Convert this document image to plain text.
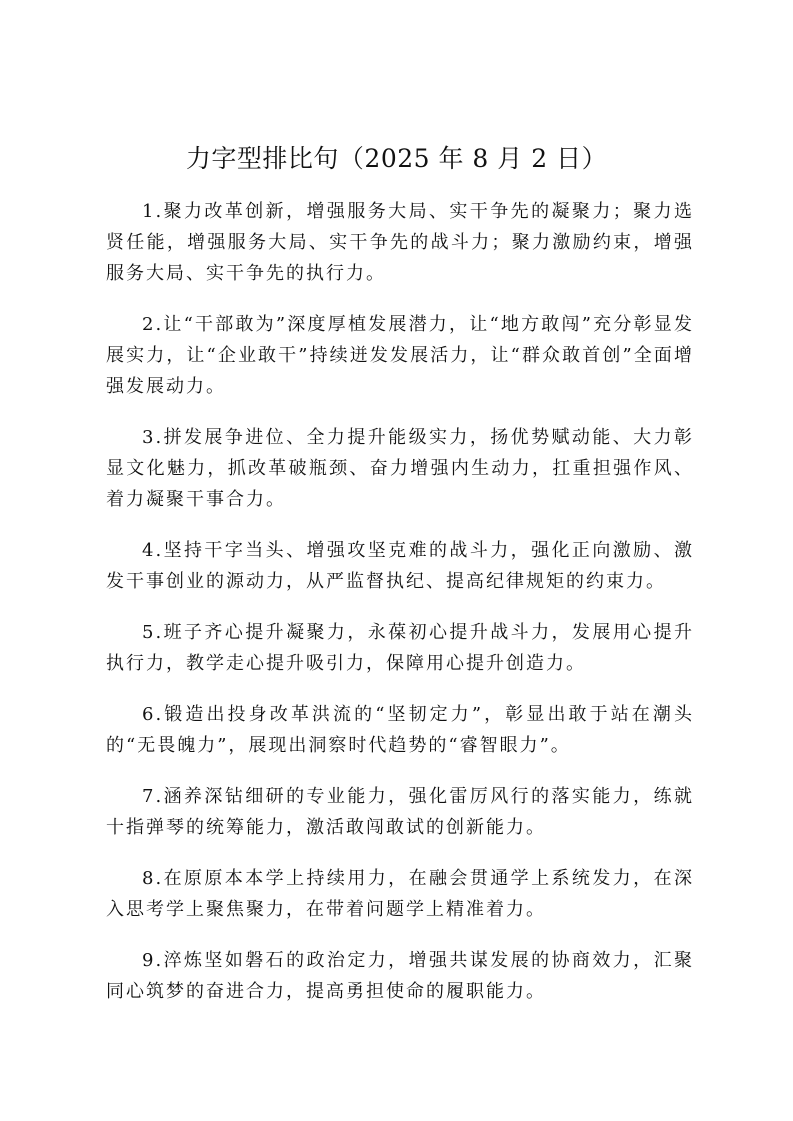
力字型排比句（2025 年 8 月 2 日）

1.聚力改革创新，增强服务大局、实干争先的凝聚力；聚力选贤任能，增强服务大局、实干争先的战斗力；聚力激励约束，增强服务大局、实干争先的执行力。

2.让“干部敢为”深度厚植发展潜力，让“地方敢闯”充分彰显发展实力，让“企业敢干”持续迸发发展活力，让“群众敢首创”全面增强发展动力。

3.拼发展争进位、全力提升能级实力，扬优势赋动能、大力彰显文化魅力，抓改革破瓶颈、奋力增强内生动力，扛重担强作风、着力凝聚干事合力。

4.坚持干字当头、增强攻坚克难的战斗力，强化正向激励、激发干事创业的源动力，从严监督执纪、提高纪律规矩的约束力。

5.班子齐心提升凝聚力，永葆初心提升战斗力，发展用心提升执行力，教学走心提升吸引力，保障用心提升创造力。

6.锻造出投身改革洪流的“坚韧定力”，彰显出敢于站在潮头的“无畏魄力”，展现出洞察时代趋势的“睿智眼力”。

7.涵养深钻细研的专业能力，强化雷厉风行的落实能力，练就十指弹琴的统筹能力，激活敢闯敢试的创新能力。

8.在原原本本学上持续用力，在融会贯通学上系统发力，在深入思考学上聚焦聚力，在带着问题学上精准着力。

9.淬炼坚如磐石的政治定力，增强共谋发展的协商效力，汇聚同心筑梦的奋进合力，提高勇担使命的履职能力。
